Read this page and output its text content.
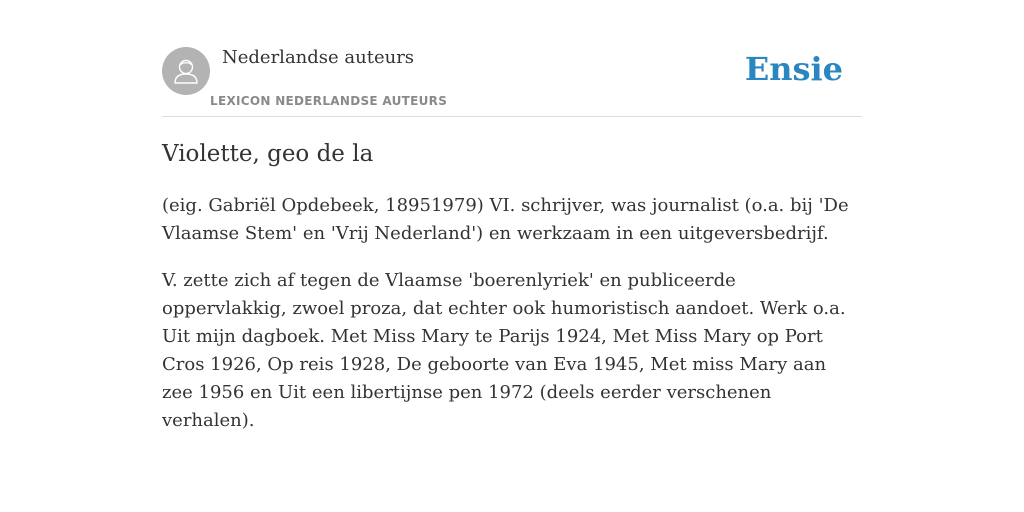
Nederlandse auteurs
LEXICON NEDERLANDSE AUTEURS
Ensie
Violette, geo de la

(eig. Gabriël Opdebeek, 18951979) VI. schrijver, was journalist (o.a. bij 'De Vlaamse Stem' en 'Vrij Nederland') en werkzaam in een uitgeversbedrijf.

V. zette zich af tegen de Vlaamse 'boerenlyriek' en publiceerde oppervlakkig, zwoel proza, dat echter ook humoristisch aandoet. Werk o.a. Uit mijn dagboek. Met Miss Mary te Parijs 1924, Met Miss Mary op Port Cros 1926, Op reis 1928, De geboorte van Eva 1945, Met miss Mary aan zee 1956 en Uit een libertijnse pen 1972 (deels eerder verschenen verhalen).
